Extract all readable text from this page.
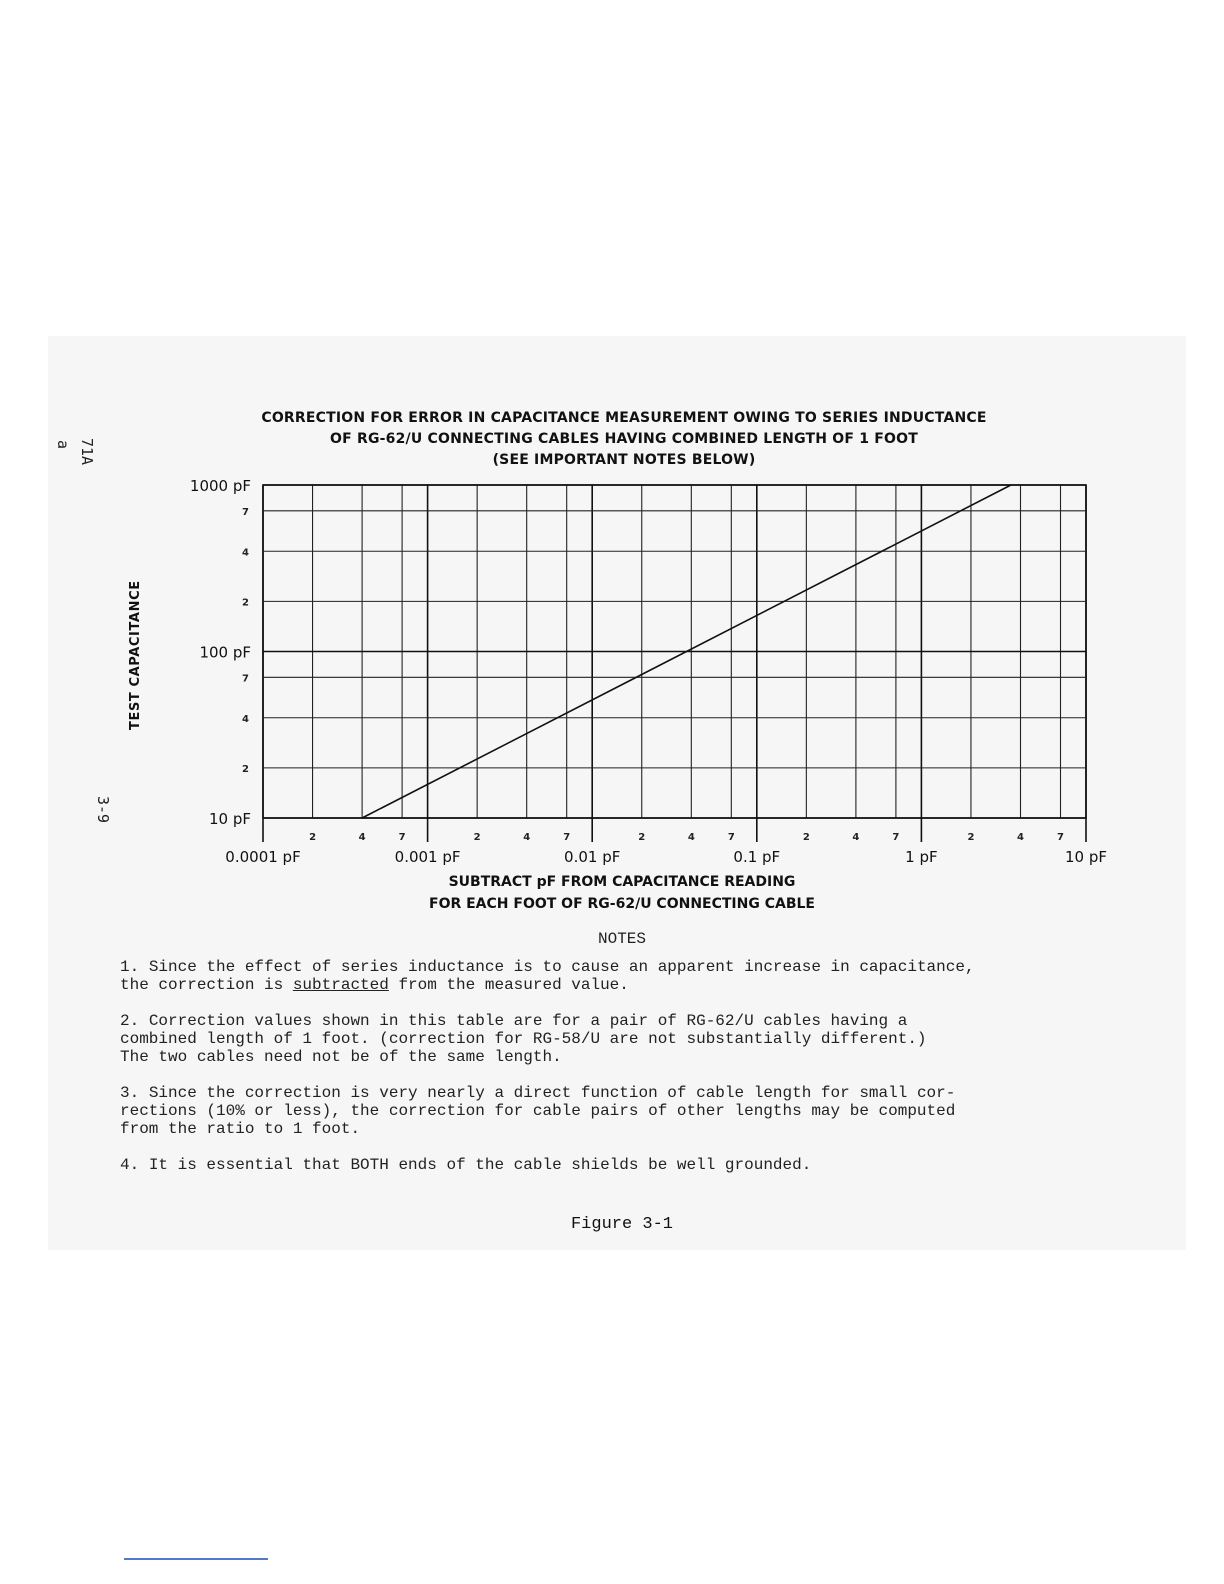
71A
a
3-9
CORRECTION FOR ERROR IN CAPACITANCE MEASUREMENT OWING TO SERIES INDUCTANCE
OF RG-62/U CONNECTING CABLES HAVING COMBINED LENGTH OF 1 FOOT
(SEE IMPORTANT NOTES BELOW)
TEST CAPACITANCE
2	4	7	2	4	7	2	4	7	2	4	7	2	4	7
0.0001 pF	0.001 pF	0.01 pF	0.1 pF	1 pF	10 pF
2
4
7
2
4
7
10 pF
100 pF
1000 pF
SUBTRACT pF FROM CAPACITANCE READING
FOR EACH FOOT OF RG-62/U CONNECTING CABLE
NOTES

1. Since the effect of series inductance is to cause an apparent increase in capacitance,
the correction is subtracted from the measured value.

2. Correction values shown in this table are for a pair of RG-62/U cables having a
combined length of 1 foot. (correction for RG-58/U are not substantially different.)
The two cables need not be of the same length.

3. Since the correction is very nearly a direct function of cable length for small cor-
rections (10% or less), the correction for cable pairs of other lengths may be computed
from the ratio to 1 foot.

4. It is essential that BOTH ends of the cable shields be well grounded.

Figure 3-1
